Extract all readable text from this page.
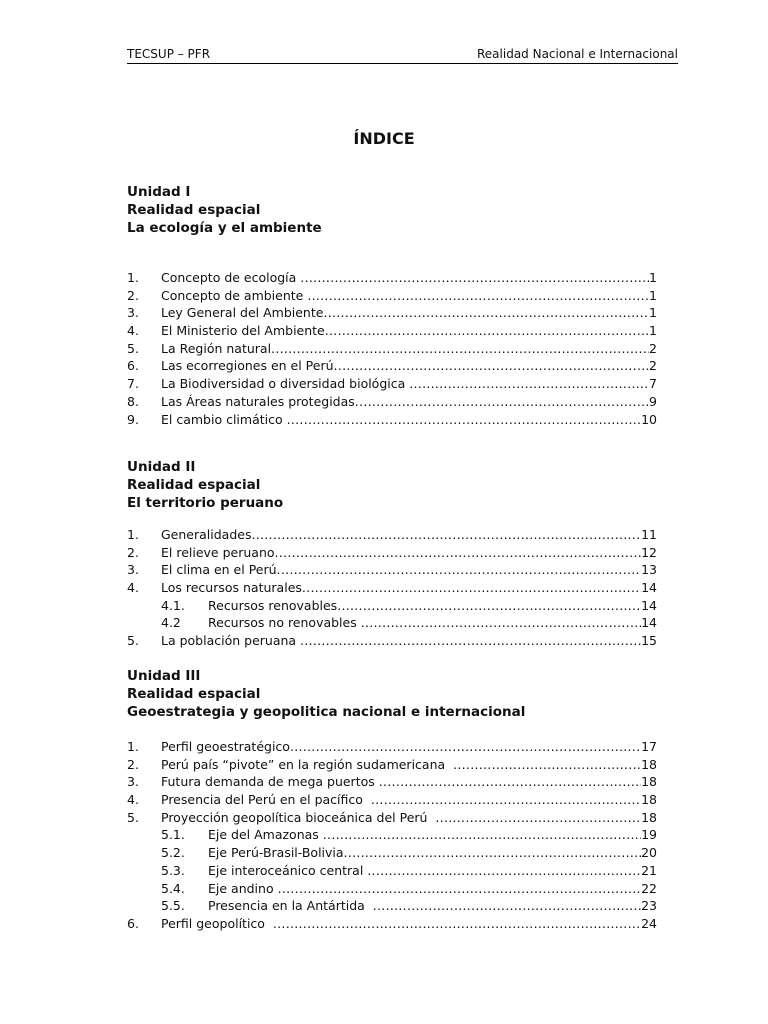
TECSUP – PFR	Realidad Nacional e Internacional
ÍNDICE
Unidad I
Realidad espacial
La ecología y el ambiente
1. Concepto de ecología .....	1
2. Concepto de ambiente .....	1
3. Ley General del Ambiente .....	1
4. El Ministerio del Ambiente .....	1
5. La Región natural .....	2
6. Las ecorregiones en el Perú .....	2
7. La Biodiversidad o diversidad biológica .....	7
8. Las Áreas naturales protegidas .....	9
9. El cambio climático .....	10
Unidad II
Realidad espacial
El territorio peruano
1. Generalidades .....	11
2. El relieve peruano .....	12
3. El clima en el Perú .....	13
4. Los recursos naturales .....	14
4.1. Recursos renovables .....	14
4.2 Recursos no renovables .....	14
5. La población peruana .....	15
Unidad III
Realidad espacial
Geoestrategia y geopolitica nacional e internacional
1. Perfil geoestratégico .....	17
2. Perú país “pivote” en la región sudamericana .....	18
3. Futura demanda de mega puertos .....	18
4. Presencia del Perú en el pacífico .....	18
5. Proyección geopolítica bioceánica del Perú .....	18
5.1. Eje del Amazonas .....	19
5.2. Eje Perú-Brasil-Bolivia .....	20
5.3. Eje interoceánico central .....	21
5.4. Eje andino .....	22
5.5. Presencia en la Antártida .....	23
6. Perfil geopolítico .....	24
